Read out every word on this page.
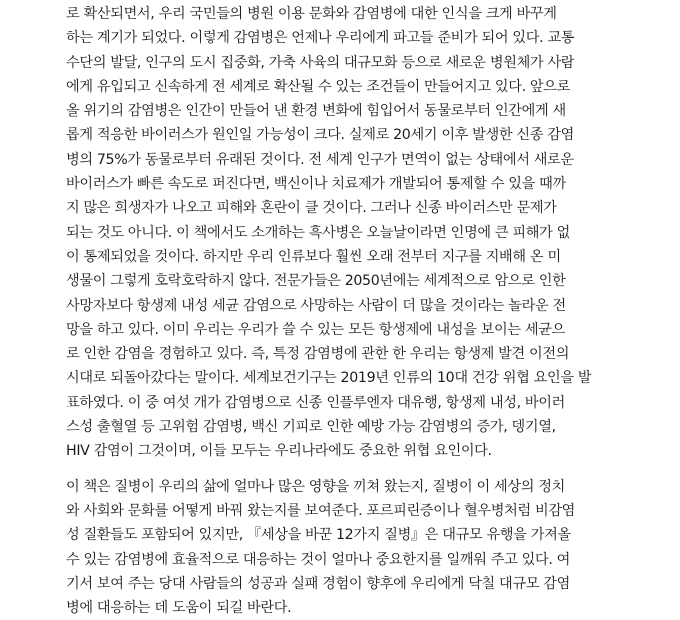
로 확산되면서, 우리 국민들의 병원 이용 문화와 감염병에 대한 인식을 크게 바꾸게
하는 계기가 되었다. 이렇게 감염병은 언제나 우리에게 파고들 준비가 되어 있다. 교통
수단의 발달, 인구의 도시 집중화, 가축 사육의 대규모화 등으로 새로운 병원체가 사람
에게 유입되고 신속하게 전 세계로 확산될 수 있는 조건들이 만들어지고 있다. 앞으로
올 위기의 감염병은 인간이 만들어 낸 환경 변화에 힘입어서 동물로부터 인간에게 새
롭게 적응한 바이러스가 원인일 가능성이 크다. 실제로 20세기 이후 발생한 신종 감염
병의 75%가 동물로부터 유래된 것이다. 전 세계 인구가 면역이 없는 상태에서 새로운
바이러스가 빠른 속도로 퍼진다면, 백신이나 치료제가 개발되어 통제할 수 있을 때까
지 많은 희생자가 나오고 피해와 혼란이 클 것이다. 그러나 신종 바이러스만 문제가
되는 것도 아니다. 이 책에서도 소개하는 흑사병은 오늘날이라면 인명에 큰 피해가 없
이 통제되었을 것이다. 하지만 우리 인류보다 훨씬 오래 전부터 지구를 지배해 온 미
생물이 그렇게 호락호락하지 않다. 전문가들은 2050년에는 세계적으로 암으로 인한
사망자보다 항생제 내성 세균 감염으로 사망하는 사람이 더 많을 것이라는 놀라운 전
망을 하고 있다. 이미 우리는 우리가 쓸 수 있는 모든 항생제에 내성을 보이는 세균으
로 인한 감염을 경험하고 있다. 즉, 특정 감염병에 관한 한 우리는 항생제 발견 이전의
시대로 되돌아갔다는 말이다. 세계보건기구는 2019년 인류의 10대 건강 위협 요인을 발
표하였다. 이 중 여섯 개가 감염병으로 신종 인플루엔자 대유행, 항생제 내성, 바이러
스성 출혈열 등 고위험 감염병, 백신 기피로 인한 예방 가능 감염병의 증가, 뎅기열,
HIV 감염이 그것이며, 이들 모두는 우리나라에도 중요한 위협 요인이다.
이 책은 질병이 우리의 삶에 얼마나 많은 영향을 끼쳐 왔는지, 질병이 이 세상의 정치
와 사회와 문화를 어떻게 바꿔 왔는지를 보여준다. 포르피린증이나 혈우병처럼 비감염
성 질환들도 포함되어 있지만, 『세상을 바꾼 12가지 질병』은 대규모 유행을 가져올
수 있는 감염병에 효율적으로 대응하는 것이 얼마나 중요한지를 일깨워 주고 있다. 여
기서 보여 주는 당대 사람들의 성공과 실패 경험이 향후에 우리에게 닥칠 대규모 감염
병에 대응하는 데 도움이 되길 바란다.
